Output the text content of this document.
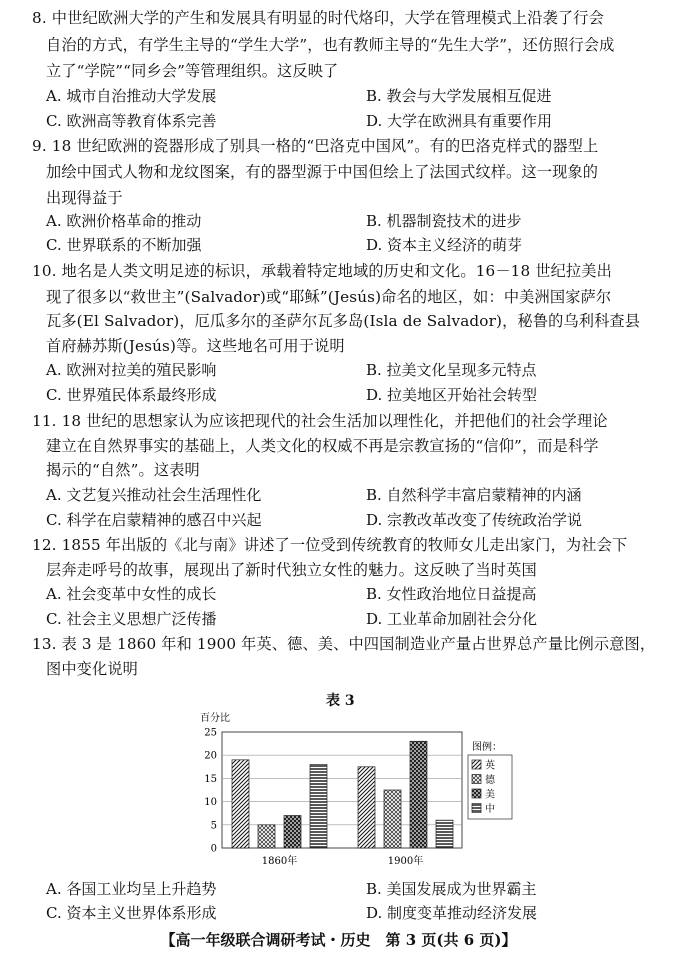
8. 中世纪欧洲大学的产生和发展具有明显的时代烙印，大学在管理模式上沿袭了行会
自治的方式，有学生主导的“学生大学”，也有教师主导的“先生大学”，还仿照行会成
立了“学院”“同乡会”等管理组织。这反映了
A. 城市自治推动大学发展	B. 教会与大学发展相互促进
C. 欧洲高等教育体系完善	D. 大学在欧洲具有重要作用
9. 18 世纪欧洲的瓷器形成了别具一格的“巴洛克中国风”。有的巴洛克样式的器型上
加绘中国式人物和龙纹图案，有的器型源于中国但绘上了法国式纹样。这一现象的
出现得益于
A. 欧洲价格革命的推动	B. 机器制瓷技术的进步
C. 世界联系的不断加强	D. 资本主义经济的萌芽
10. 地名是人类文明足迹的标识，承载着特定地域的历史和文化。16－18 世纪拉美出
现了很多以“救世主”(Salvador)或“耶稣”(Jesús)命名的地区，如：中美洲国家萨尔
瓦多(El Salvador)，厄瓜多尔的圣萨尔瓦多岛(Isla de Salvador)，秘鲁的乌利科查县
首府赫苏斯(Jesús)等。这些地名可用于说明
A. 欧洲对拉美的殖民影响	B. 拉美文化呈现多元特点
C. 世界殖民体系最终形成	D. 拉美地区开始社会转型
11. 18 世纪的思想家认为应该把现代的社会生活加以理性化，并把他们的社会学理论
建立在自然界事实的基础上，人类文化的权威不再是宗教宣扬的“信仰”，而是科学
揭示的“自然”。这表明
A. 文艺复兴推动社会生活理性化	B. 自然科学丰富启蒙精神的内涵
C. 科学在启蒙精神的感召中兴起	D. 宗教改革改变了传统政治学说
12. 1855 年出版的《北与南》讲述了一位受到传统教育的牧师女儿走出家门，为社会下
层奔走呼号的故事，展现出了新时代独立女性的魅力。这反映了当时英国
A. 社会变革中女性的成长	B. 女性政治地位日益提高
C. 社会主义思想广泛传播	D. 工业革命加剧社会分化
13. 表 3 是 1860 年和 1900 年英、德、美、中四国制造业产量占世界总产量比例示意图，
图中变化说明
表 3
百分比
0
5
10
15
20
25
1860年	1900年
图例：
英
德
美
中
A. 各国工业均呈上升趋势	B. 美国发展成为世界霸主
C. 资本主义世界体系形成	D. 制度变革推动经济发展
【高一年级联合调研考试・历史　第 3 页(共 6 页)】
